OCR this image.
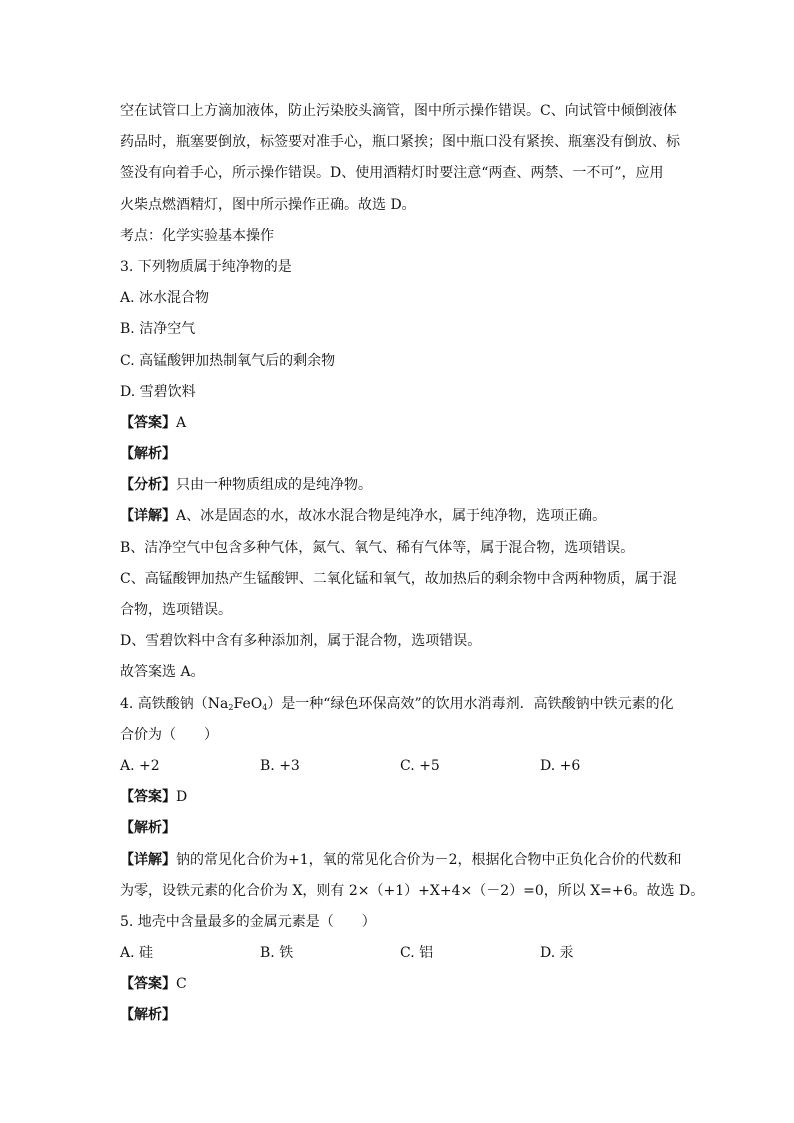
空在试管口上方滴加液体，防止污染胶头滴管，图中所示操作错误。C、向试管中倾倒液体
药品时，瓶塞要倒放，标签要对准手心，瓶口紧挨；图中瓶口没有紧挨、瓶塞没有倒放、标
签没有向着手心，所示操作错误。D、使用酒精灯时要注意“两查、两禁、一不可”，应用
火柴点燃酒精灯，图中所示操作正确。故选 D。
考点：化学实验基本操作
3. 下列物质属于纯净物的是
A. 冰水混合物
B. 洁净空气
C. 高锰酸钾加热制氧气后的剩余物
D. 雪碧饮料
【答案】A
【解析】
【分析】只由一种物质组成的是纯净物。
【详解】A、冰是固态的水，故冰水混合物是纯净水，属于纯净物，选项正确。
B、洁净空气中包含多种气体，氮气、氧气、稀有气体等，属于混合物，选项错误。
C、高锰酸钾加热产生锰酸钾、二氧化锰和氧气，故加热后的剩余物中含两种物质，属于混
合物，选项错误。
D、雪碧饮料中含有多种添加剂，属于混合物，选项错误。
故答案选 A。
4. 高铁酸钠$(Na_2FeO_4)$是一种“绿色环保高效”的饮用水消毒剂．高铁酸钠中铁元素的化
合价为（　　）
A. +2	B. +3	C. +5	D. +6
【答案】D
【解析】
【详解】钠的常见化合价为+1，氧的常见化合价为－2，根据化合物中正负化合价的代数和
为零，设铁元素的化合价为 X，则有 2×（+1）+X+4×（－2）=0，所以 X=+6。故选 D。
5. 地壳中含量最多的金属元素是（　　）
A. 硅	B. 铁	C. 铝	D. 汞
【答案】C
【解析】
